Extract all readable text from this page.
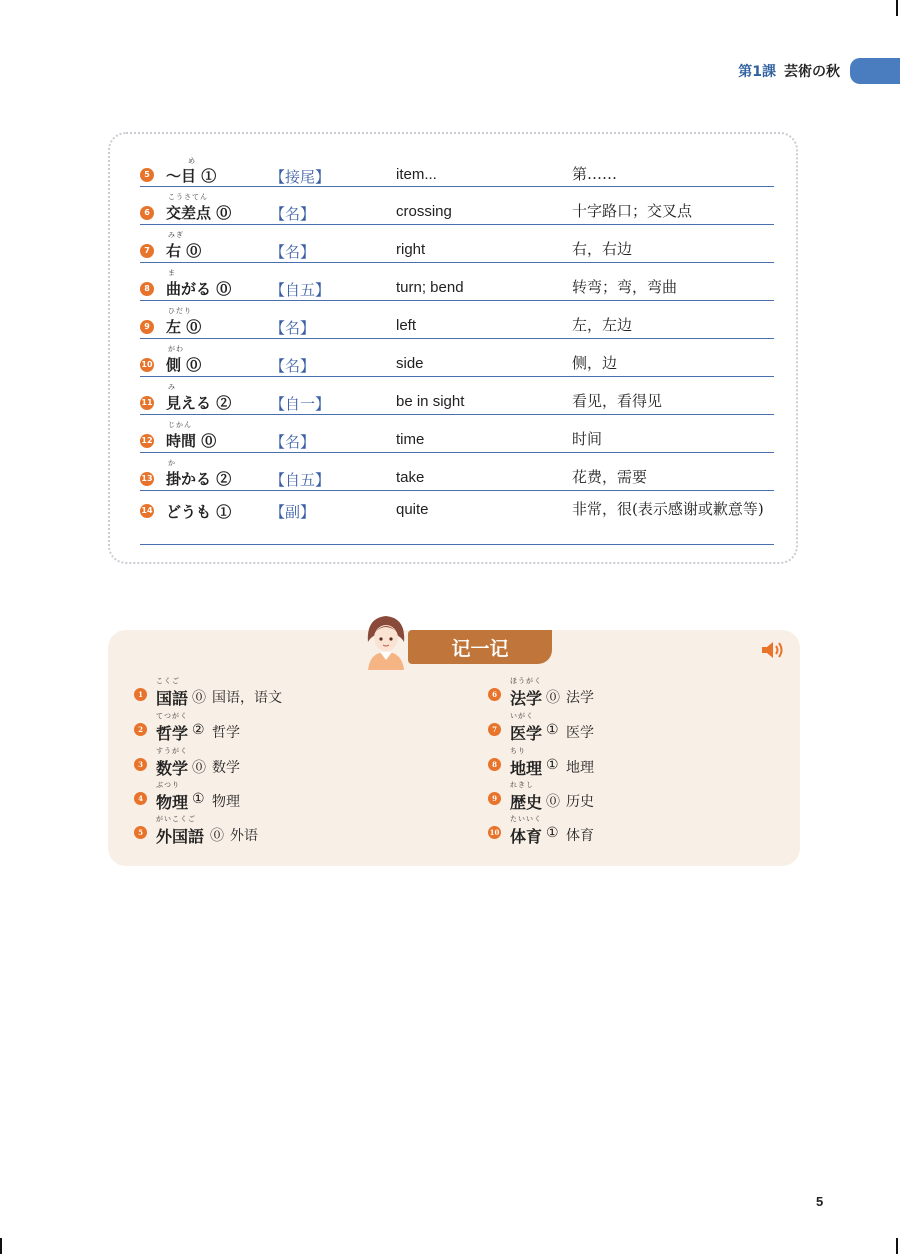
第1課 芸術の秋
5
め
～目 ①	【接尾】	item...	第……
6
こうさてん
交差点 ⓪	【名】	crossing	十字路口；交叉点
7
みぎ
右 ⓪	【名】	right	右，右边
8
ま
曲がる ⓪	【自五】	turn; bend	转弯；弯，弯曲
9
ひだり
左 ⓪	【名】	left	左，左边
10
がわ
側 ⓪	【名】	side	侧，边
11
み
見える ②	【自一】	be in sight	看见，看得见
12
じかん
時間 ⓪	【名】	time	时间
13
か
掛かる ②	【自五】	take	花费，需要
14 どうも ①	【副】	quite	非常，很(表示感谢或歉意等)
记一记
1
こくご
国語 ⓪ 国语，语文
2
てつがく
哲学 ② 哲学
3
すうがく
数学 ⓪ 数学
4
ぶつり
物理 ① 物理
5
がいこくご
外国語 ⓪ 外语
6
ほうがく
法学 ⓪ 法学
7
いがく
医学 ① 医学
8
ちり
地理 ① 地理
9
れきし
歴史 ⓪ 历史
10
たいいく
体育 ① 体育
5
